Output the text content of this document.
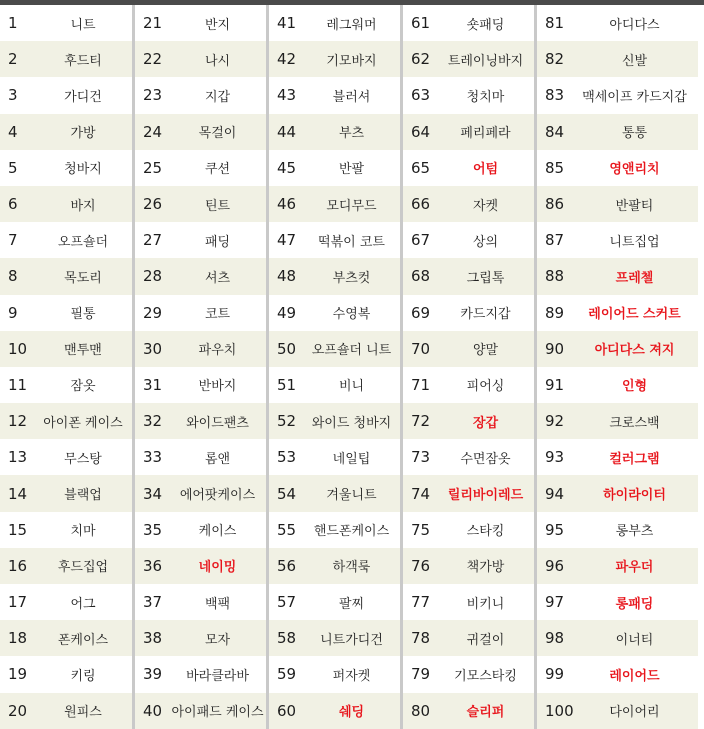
1	니트
2	후드티
3	가디건
4	가방
5	청바지
6	바지
7	오프숄더
8	목도리
9	필통
10	맨투맨
11	잠옷
12	아이폰 케이스
13	무스탕
14	블랙업
15	치마
16	후드집업
17	어그
18	폰케이스
19	키링
20	원피스
21	반지
22	나시
23	지갑
24	목걸이
25	쿠션
26	틴트
27	패딩
28	셔츠
29	코트
30	파우치
31	반바지
32	와이드팬츠
33	롬앤
34	에어팟케이스
35	케이스
36	네이밍
37	백팩
38	모자
39	바라클라바
40 아이패드 케이스
41	레그워머
42	기모바지
43	블러셔
44	부츠
45	반팔
46	모디무드
47	떡볶이 코트
48	부츠컷
49	수영복
50	오프숄더 니트
51	비니
52	와이드 청바지
53	네일팁
54	겨울니트
55	핸드폰케이스
56	하객룩
57	팔찌
58	니트가디건
59	퍼자켓
60	쉐딩
61	숏패딩
62	트레이닝바지
63	청치마
64	페리페라
65	어텀
66	자켓
67	상의
68	그립톡
69	카드지갑
70	양말
71	피어싱
72	장갑
73	수면잠옷
74	릴리바이레드
75	스타킹
76	책가방
77	비키니
78	귀걸이
79	기모스타킹
80	슬리퍼
81	아디다스
82	신발
83	맥세이프 카드지갑
84	통통
85	영앤리치
86	반팔티
87	니트집업
88	프레첼
89	레이어드 스커트
90	아디다스 져지
91	인형
92	크로스백
93	컬러그램
94	하이라이터
95	롱부츠
96	파우더
97	롱패딩
98	이너티
99	레이어드
100	다이어리
